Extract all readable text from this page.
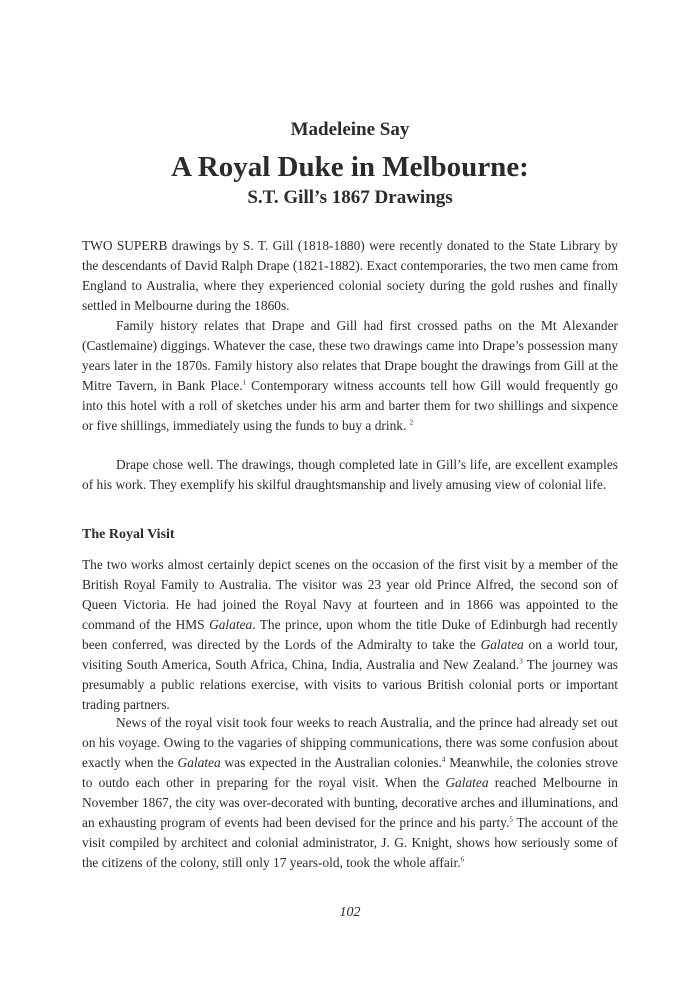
Madeleine Say

A Royal Duke in Melbourne:
S.T. Gill’s 1867 Drawings

TWO SUPERB drawings by S. T. Gill (1818-1880) were recently donated to the State Library by the descendants of David Ralph Drape (1821-1882). Exact contemporaries, the two men came from England to Australia, where they experienced colonial society during the gold rushes and finally settled in Melbourne during the 1860s.

Family history relates that Drape and Gill had first crossed paths on the Mt Alexander (Castlemaine) diggings. Whatever the case, these two drawings came into Drape’s possession many years later in the 1870s. Family history also relates that Drape bought the drawings from Gill at the Mitre Tavern, in Bank Place.$^1$ Contemporary witness accounts tell how Gill would frequently go into this hotel with a roll of sketches under his arm and barter them for two shillings and sixpence or five shillings, immediately using the funds to buy a drink. $^2$

Drape chose well. The drawings, though completed late in Gill’s life, are excellent examples of his work. They exemplify his skilful draughtsmanship and lively amusing view of colonial life.

The Royal Visit

The two works almost certainly depict scenes on the occasion of the first visit by a member of the British Royal Family to Australia. The visitor was 23 year old Prince Alfred, the second son of Queen Victoria. He had joined the Royal Navy at fourteen and in 1866 was appointed to the command of the HMS Galatea. The prince, upon whom the title Duke of Edinburgh had recently been conferred, was directed by the Lords of the Admiralty to take the Galatea on a world tour, visiting South America, South Africa, China, India, Australia and New Zealand.$^3$ The journey was presumably a public relations exercise, with visits to various British colonial ports or important trading partners.

News of the royal visit took four weeks to reach Australia, and the prince had already set out on his voyage. Owing to the vagaries of shipping communications, there was some confusion about exactly when the Galatea was expected in the Australian colonies.$^4$ Meanwhile, the colonies strove to outdo each other in preparing for the royal visit. When the Galatea reached Melbourne in November 1867, the city was over-decorated with bunting, decorative arches and illuminations, and an exhausting program of events had been devised for the prince and his party.$^5$ The account of the visit compiled by architect and colonial administrator, J. G. Knight, shows how seriously some of the citizens of the colony, still only 17 years-old, took the whole affair.$^6$

102
